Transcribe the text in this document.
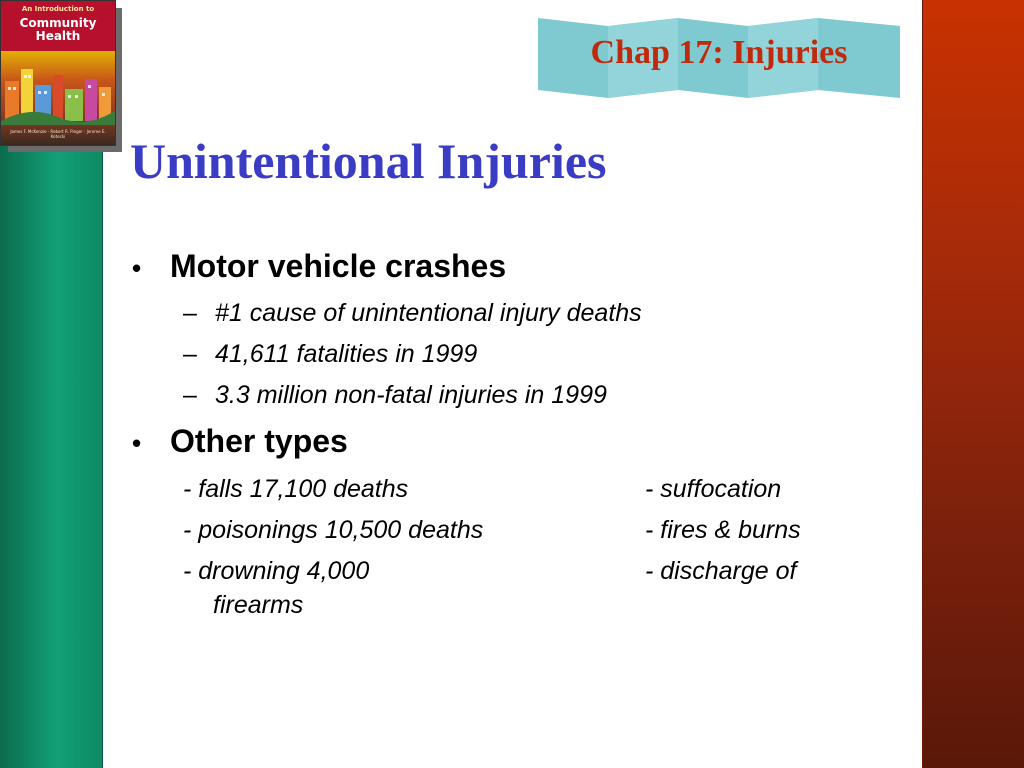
An Introduction to
Community
Health
James F. McKenzie · Robert R. Pinger · Jerome E. Kotecki
Chap 17: Injuries
Unintentional Injuries
• Motor vehicle crashes
– #1 cause of unintentional injury deaths
– 41,611 fatalities in 1999
– 3.3 million non-fatal injuries in 1999
• Other types
- falls 17,100 deaths	- suffocation
- poisonings 10,500 deaths	- fires & burns
- drowning 4,000	- discharge of
firearms
